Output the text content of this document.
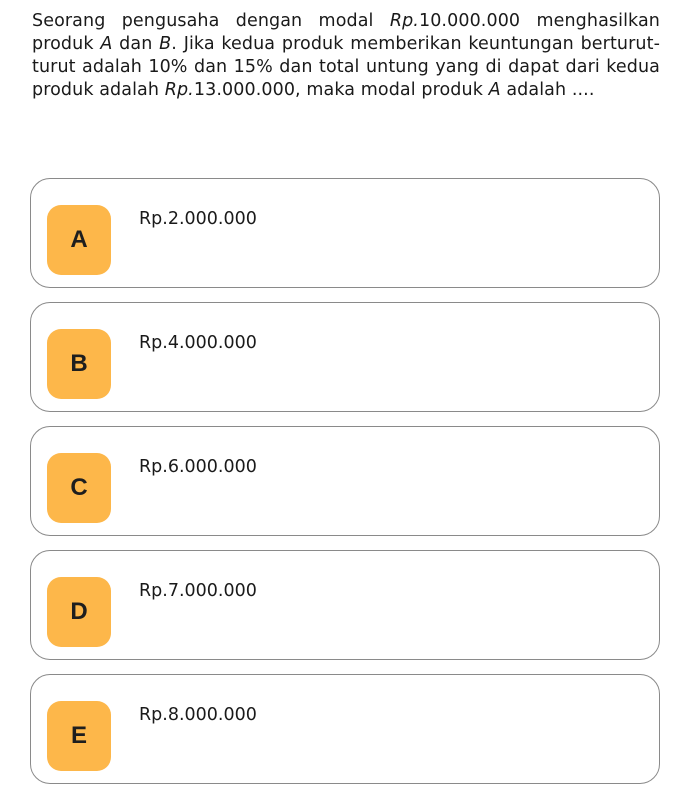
Seorang pengusaha dengan modal Rp.10.000.000 menghasilkan produk A dan B. Jika kedua produk memberikan keuntungan berturut-turut adalah 10% dan 15% dan total untung yang di dapat dari kedua produk adalah Rp.13.000.000, maka modal produk A adalah ....

A
Rp.2.000.000
B
Rp.4.000.000
C
Rp.6.000.000
D
Rp.7.000.000
E
Rp.8.000.000
